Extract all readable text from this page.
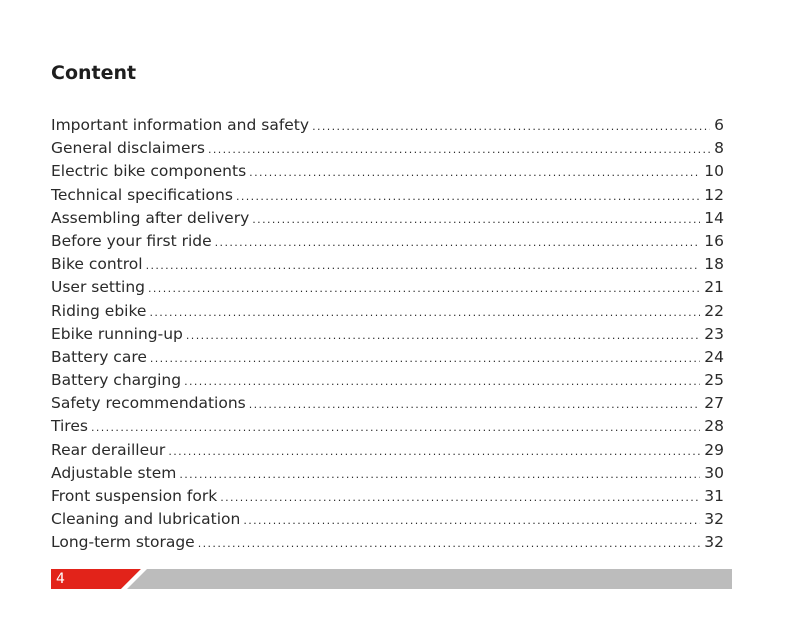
Content
Important information and safety .....	6
General disclaimers .....	8
Electric bike components .....	10
Technical specifications .....	12
Assembling after delivery .....	14
Before your first ride .....	16
Bike control .....	18
User setting .....	21
Riding ebike .....	22
Ebike running-up .....	23
Battery care .....	24
Battery charging .....	25
Safety recommendations .....	27
Tires .....	28
Rear derailleur .....	29
Adjustable stem .....	30
Front suspension fork .....	31
Cleaning and lubrication .....	32
Long-term storage .....	32
4
